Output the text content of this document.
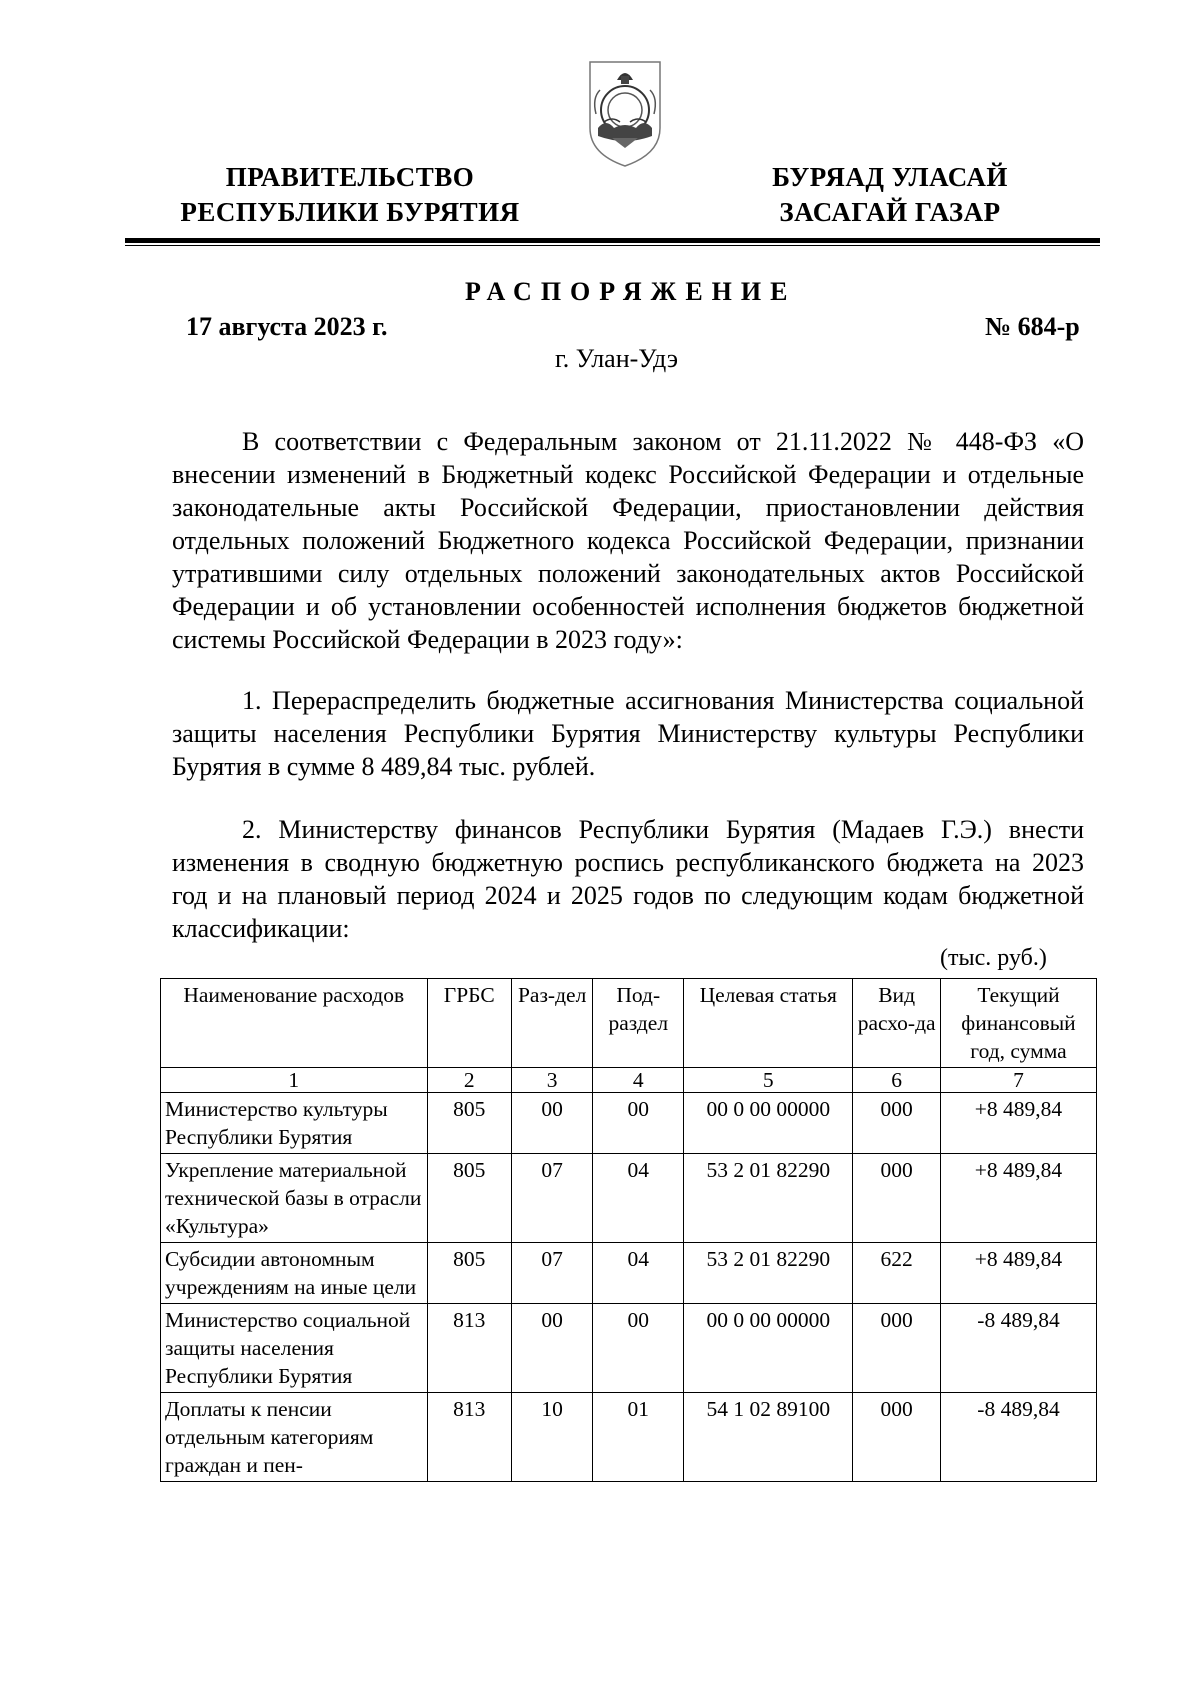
ПРАВИТЕЛЬСТВО
РЕСПУБЛИКИ БУРЯТИЯ
БУРЯАД УЛАСАЙ
ЗАСАГАЙ ГАЗАР
РАСПОРЯЖЕНИЕ
17 августа 2023 г.	№ 684-р
г. Улан-Удэ

В соответствии с Федеральным законом от 21.11.2022 № 448-ФЗ «О внесении изменений в Бюджетный кодекс Российской Федерации и отдельные законодательные акты Российской Федерации, приостановлении действия отдельных положений Бюджетного кодекса Российской Федерации, признании утратившими силу отдельных положений законодательных актов Российской Федерации и об установлении особенностей исполнения бюджетов бюджетной системы Российской Федерации в 2023 году»:

1. Перераспределить бюджетные ассигнования Министерства социальной защиты населения Республики Бурятия Министерству культуры Республики Бурятия в сумме 8 489,84 тыс. рублей.

2. Министерству финансов Республики Бурятия (Мадаев Г.Э.) внести изменения в сводную бюджетную роспись республиканского бюджета на 2023 год и на плановый период 2024 и 2025 годов по следующим кодам бюджетной классификации:

(тыс. руб.)
Наименование расходов	ГРБС	Раз-дел	Под-раздел	Целевая статья	Вид расхо-да	Текущий финансовый год, сумма
1	2	3	4	5	6	7
Министерство культуры Республики Бурятия	805	00	00	00 0 00 00000	000	+8 489,84
Укрепление материальной технической базы в отрасли «Культура»	805	07	04	53 2 01 82290	000	+8 489,84
Субсидии автономным учреждениям на иные цели	805	07	04	53 2 01 82290	622	+8 489,84
Министерство социальной защиты населения Республики Бурятия	813	00	00	00 0 00 00000	000	-8 489,84
Доплаты к пенсии отдельным категориям граждан и пен-	813	10	01	54 1 02 89100	000	-8 489,84
